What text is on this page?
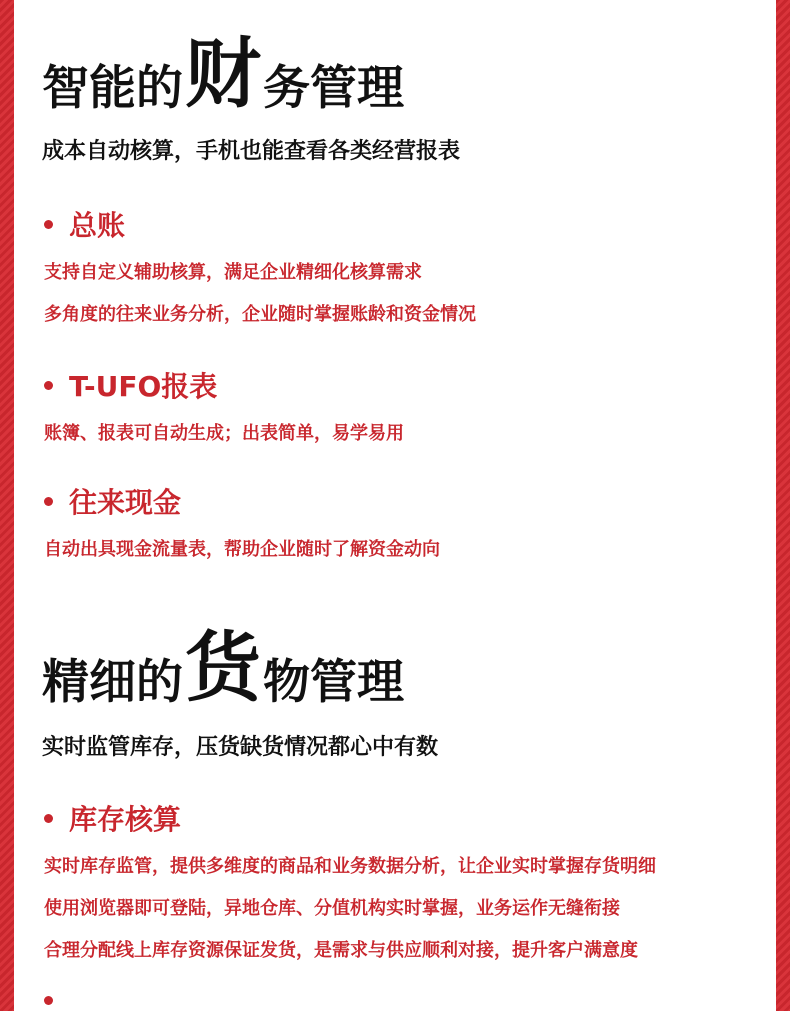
智能的 财 务管理
成本自动核算，手机也能查看各类经营报表
总账
支持自定义辅助核算，满足企业精细化核算需求
多角度的往来业务分析，企业随时掌握账龄和资金情况
T-UFO报表
账簿、报表可自动生成；出表简单，易学易用
往来现金
自动出具现金流量表，帮助企业随时了解资金动向
精细的 货 物管理
实时监管库存，压货缺货情况都心中有数
库存核算
实时库存监管，提供多维度的商品和业务数据分析，让企业实时掌握存货明细
使用浏览器即可登陆，异地仓库、分值机构实时掌握，业务运作无缝衔接
合理分配线上库存资源保证发货，是需求与供应顺利对接，提升客户满意度
